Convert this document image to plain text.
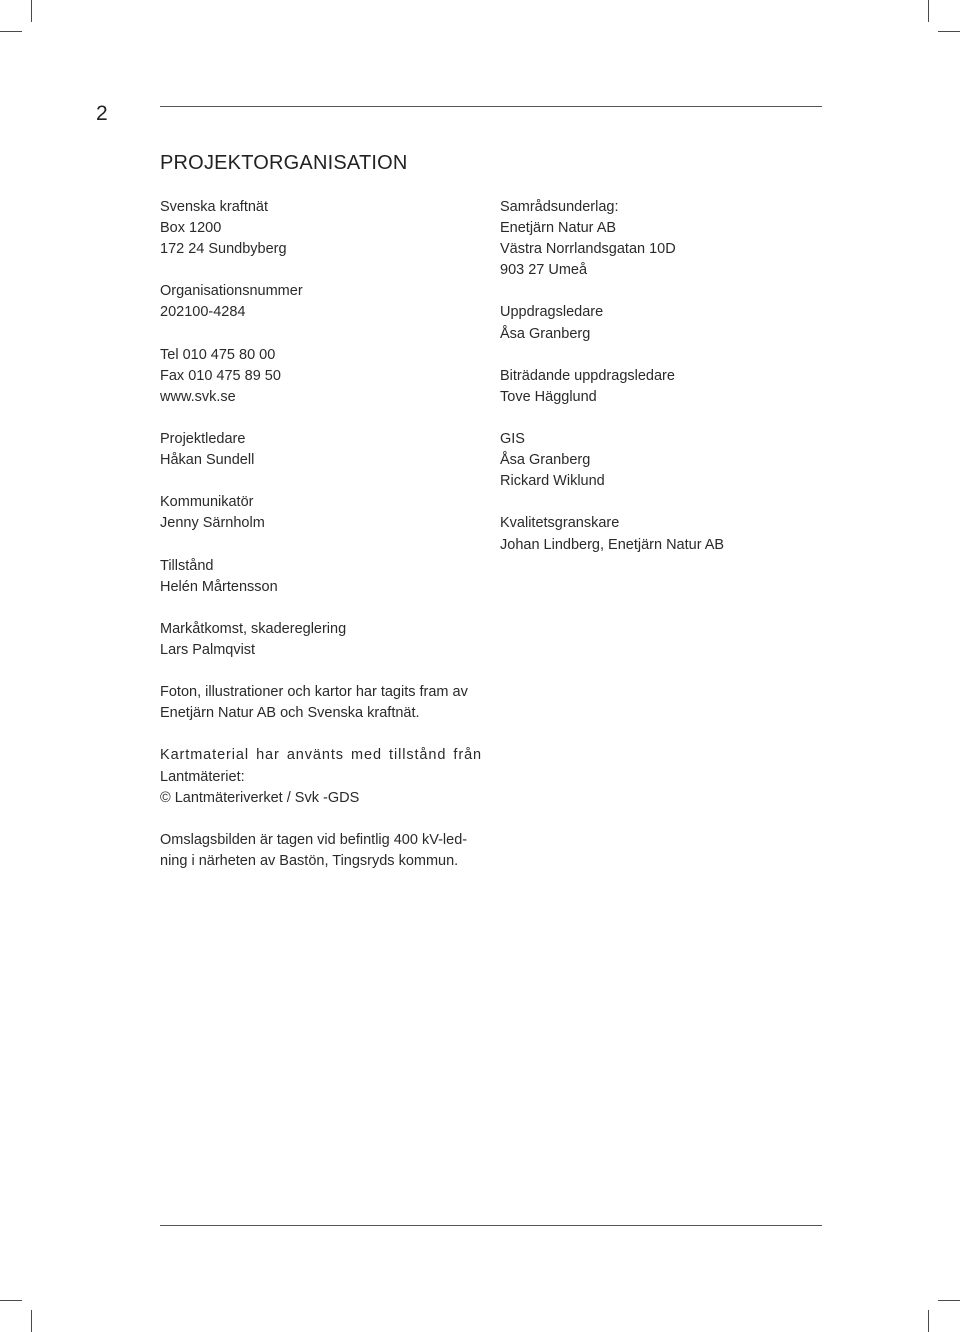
2
PROJEKTORGANISATION
Svenska kraftnät
Box 1200
172 24 Sundbyberg
Organisationsnummer
202100-4284
Tel 010 475 80 00
Fax 010 475 89 50
www.svk.se
Projektledare
Håkan Sundell
Kommunikatör
Jenny Särnholm
Tillstånd
Helén Mårtensson
Markåtkomst, skadereglering
Lars Palmqvist
Foton, illustrationer och kartor har tagits fram av
Enetjärn Natur AB och Svenska kraftnät.
Kartmaterial har använts med tillstånd från
Lantmäteriet:
© Lantmäteriverket / Svk -GDS
Omslagsbilden är tagen vid befintlig 400 kV-led-
ning i närheten av Bastön, Tingsryds kommun.
Samrådsunderlag:
Enetjärn Natur AB
Västra Norrlandsgatan 10D
903 27 Umeå
Uppdragsledare
Åsa Granberg
Biträdande uppdragsledare
Tove Hägglund
GIS
Åsa Granberg
Rickard Wiklund
Kvalitetsgranskare
Johan Lindberg, Enetjärn Natur AB
